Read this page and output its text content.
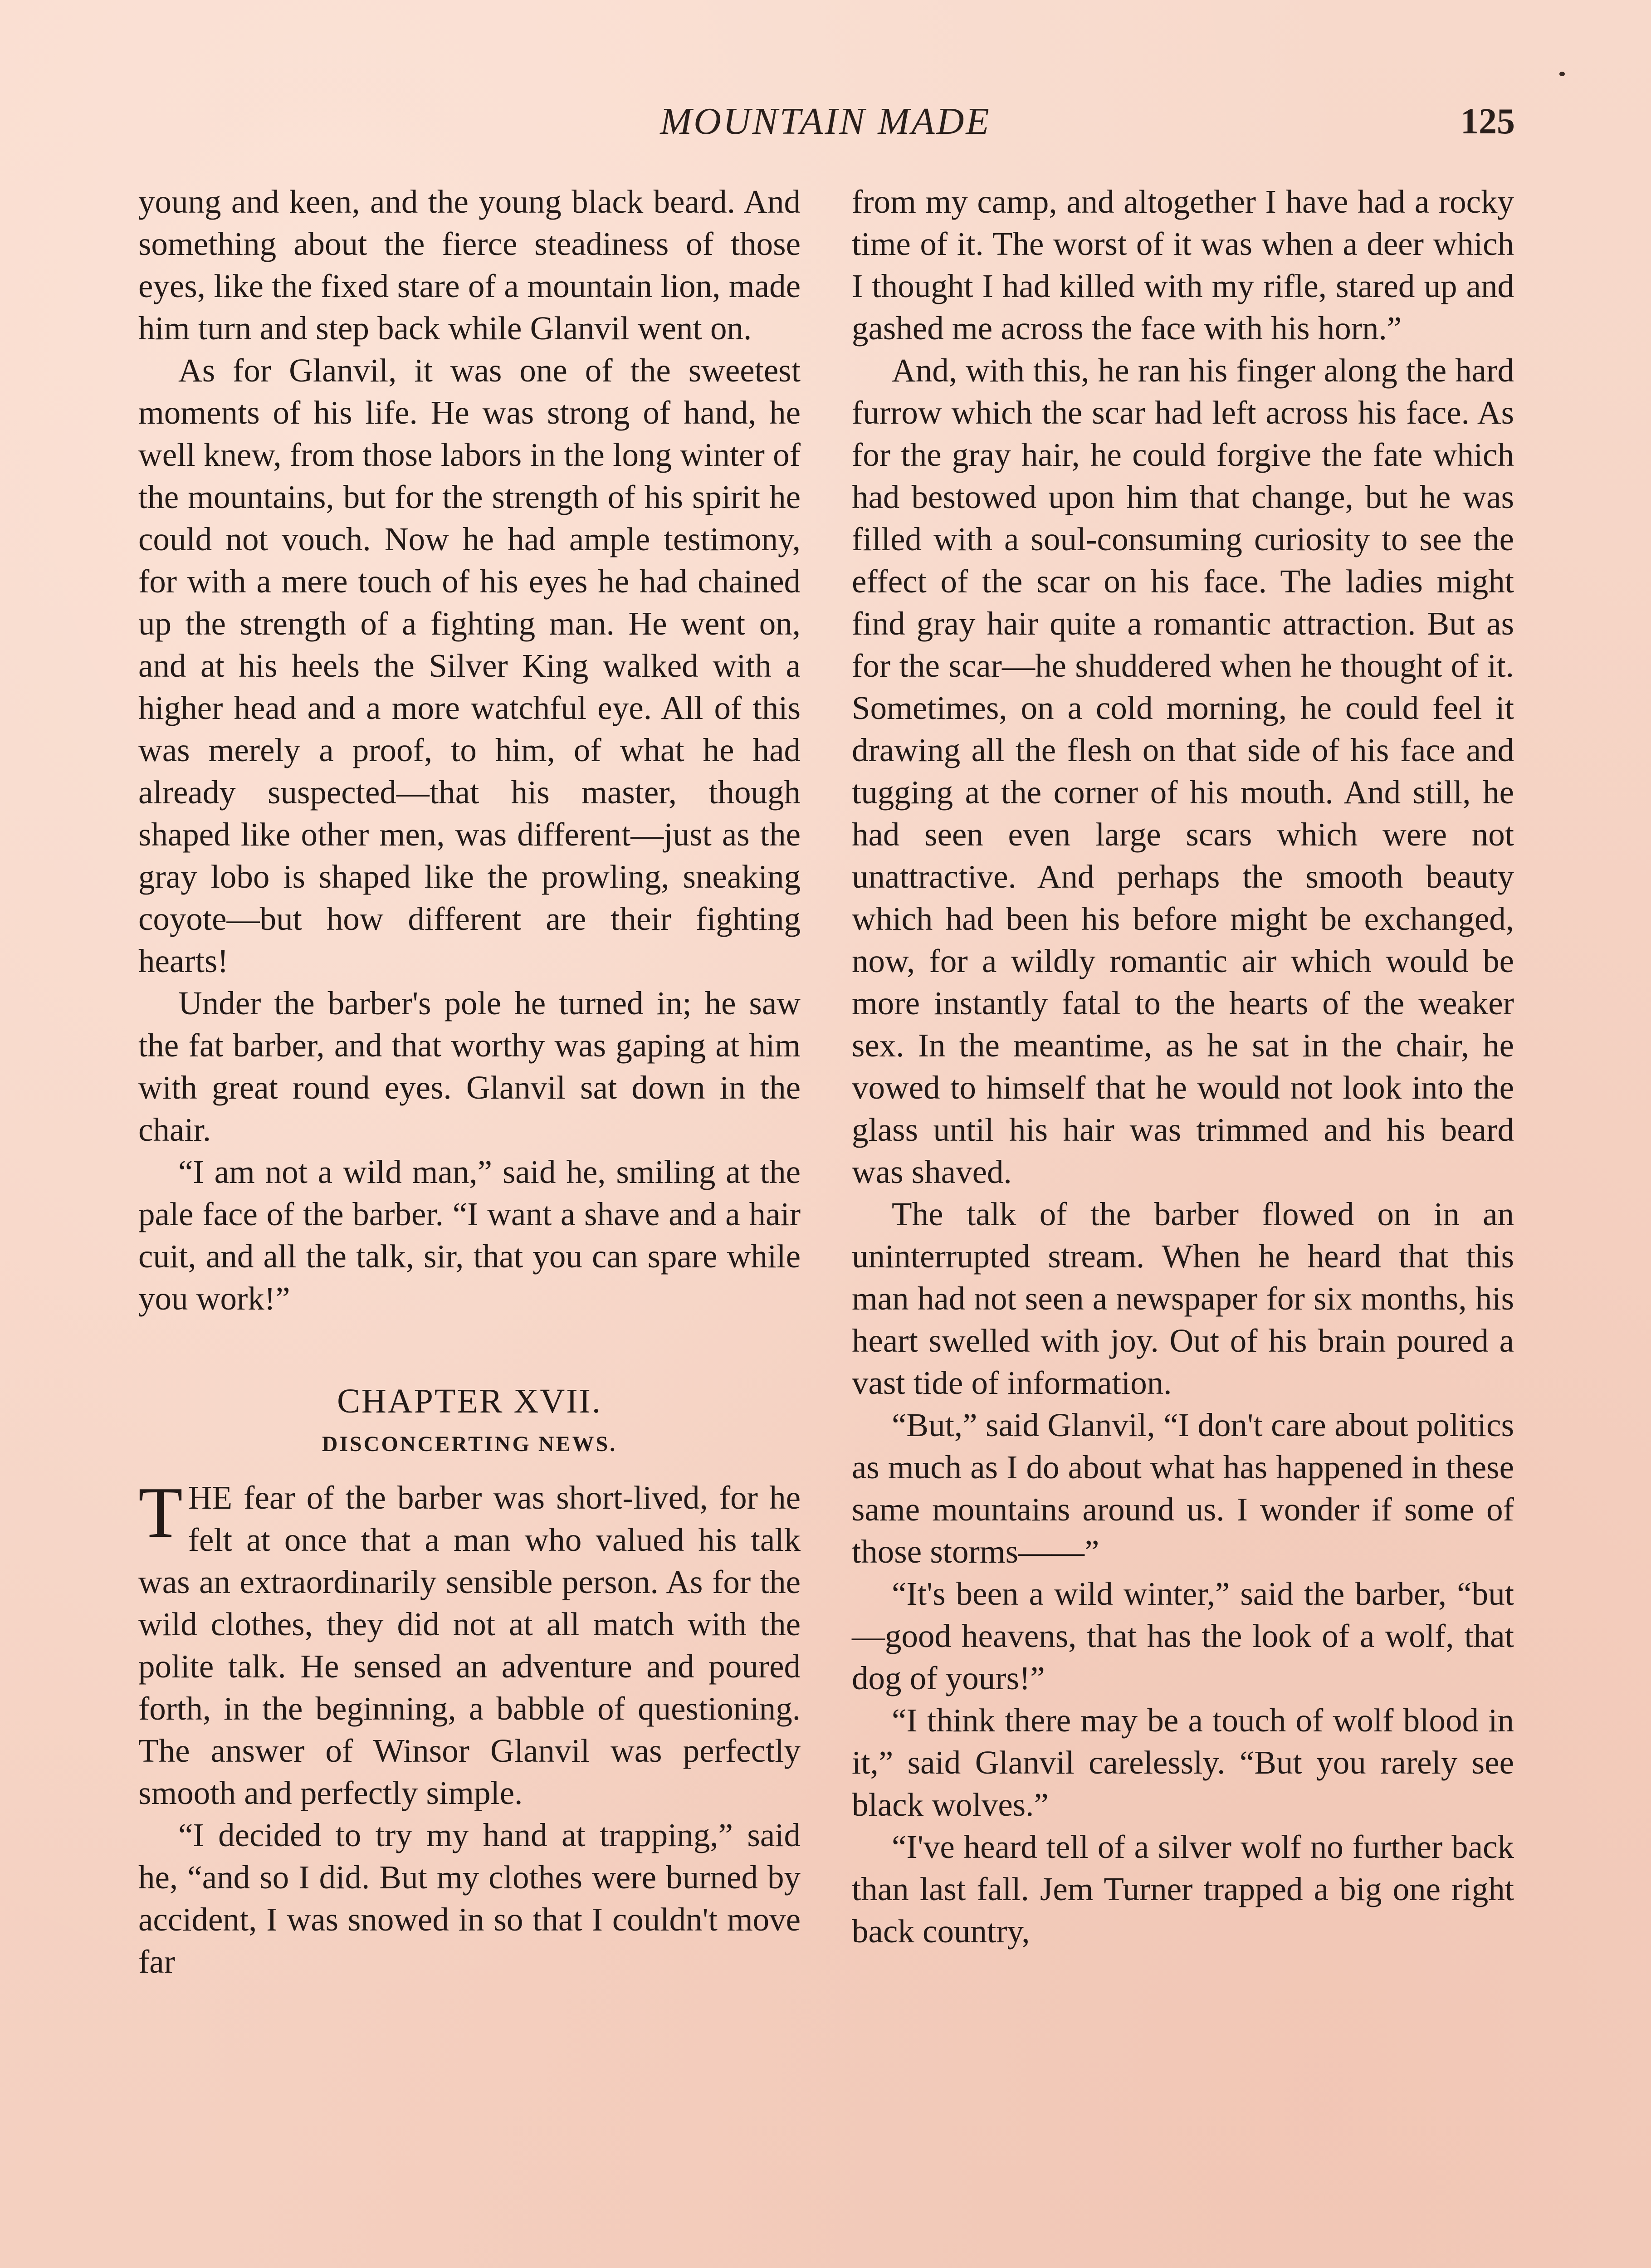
MOUNTAIN MADE	125

young and keen, and the young black beard. And something about the fierce steadiness of those eyes, like the fixed stare of a mountain lion, made him turn and step back while Glanvil went on.

As for Glanvil, it was one of the sweetest moments of his life. He was strong of hand, he well knew, from those labors in the long winter of the mountains, but for the strength of his spirit he could not vouch. Now he had ample testimony, for with a mere touch of his eyes he had chained up the strength of a fighting man. He went on, and at his heels the Silver King walked with a higher head and a more watchful eye. All of this was merely a proof, to him, of what he had already suspected—that his master, though shaped like other men, was different—just as the gray lobo is shaped like the prowling, sneaking coyote—but how different are their fighting hearts!

Under the barber's pole he turned in; he saw the fat barber, and that worthy was gaping at him with great round eyes. Glanvil sat down in the chair.

“I am not a wild man,” said he, smiling at the pale face of the barber. “I want a shave and a hair cuit, and all the talk, sir, that you can spare while you work!”

CHAPTER XVII.
DISCONCERTING NEWS.

THE fear of the barber was short-lived, for he felt at once that a man who valued his talk was an extraordinarily sensible person. As for the wild clothes, they did not at all match with the polite talk. He sensed an adventure and poured forth, in the beginning, a babble of questioning. The answer of Winsor Glanvil was perfectly smooth and perfectly simple.

“I decided to try my hand at trapping,” said he, “and so I did. But my clothes were burned by accident, I was snowed in so that I couldn't move far

from my camp, and altogether I have had a rocky time of it. The worst of it was when a deer which I thought I had killed with my rifle, stared up and gashed me across the face with his horn.”

And, with this, he ran his finger along the hard furrow which the scar had left across his face. As for the gray hair, he could forgive the fate which had bestowed upon him that change, but he was filled with a soul-consuming curiosity to see the effect of the scar on his face. The ladies might find gray hair quite a romantic attraction. But as for the scar—he shuddered when he thought of it. Sometimes, on a cold morning, he could feel it drawing all the flesh on that side of his face and tugging at the corner of his mouth. And still, he had seen even large scars which were not unattractive. And perhaps the smooth beauty which had been his before might be exchanged, now, for a wildly romantic air which would be more instantly fatal to the hearts of the weaker sex. In the meantime, as he sat in the chair, he vowed to himself that he would not look into the glass until his hair was trimmed and his beard was shaved.

The talk of the barber flowed on in an uninterrupted stream. When he heard that this man had not seen a newspaper for six months, his heart swelled with joy. Out of his brain poured a vast tide of information.

“But,” said Glanvil, “I don't care about politics as much as I do about what has happened in these same mountains around us. I wonder if some of those storms——”

“It's been a wild winter,” said the barber, “but—good heavens, that has the look of a wolf, that dog of yours!”

“I think there may be a touch of wolf blood in it,” said Glanvil carelessly. “But you rarely see black wolves.”

“I've heard tell of a silver wolf no further back than last fall. Jem Turner trapped a big one right back country,
